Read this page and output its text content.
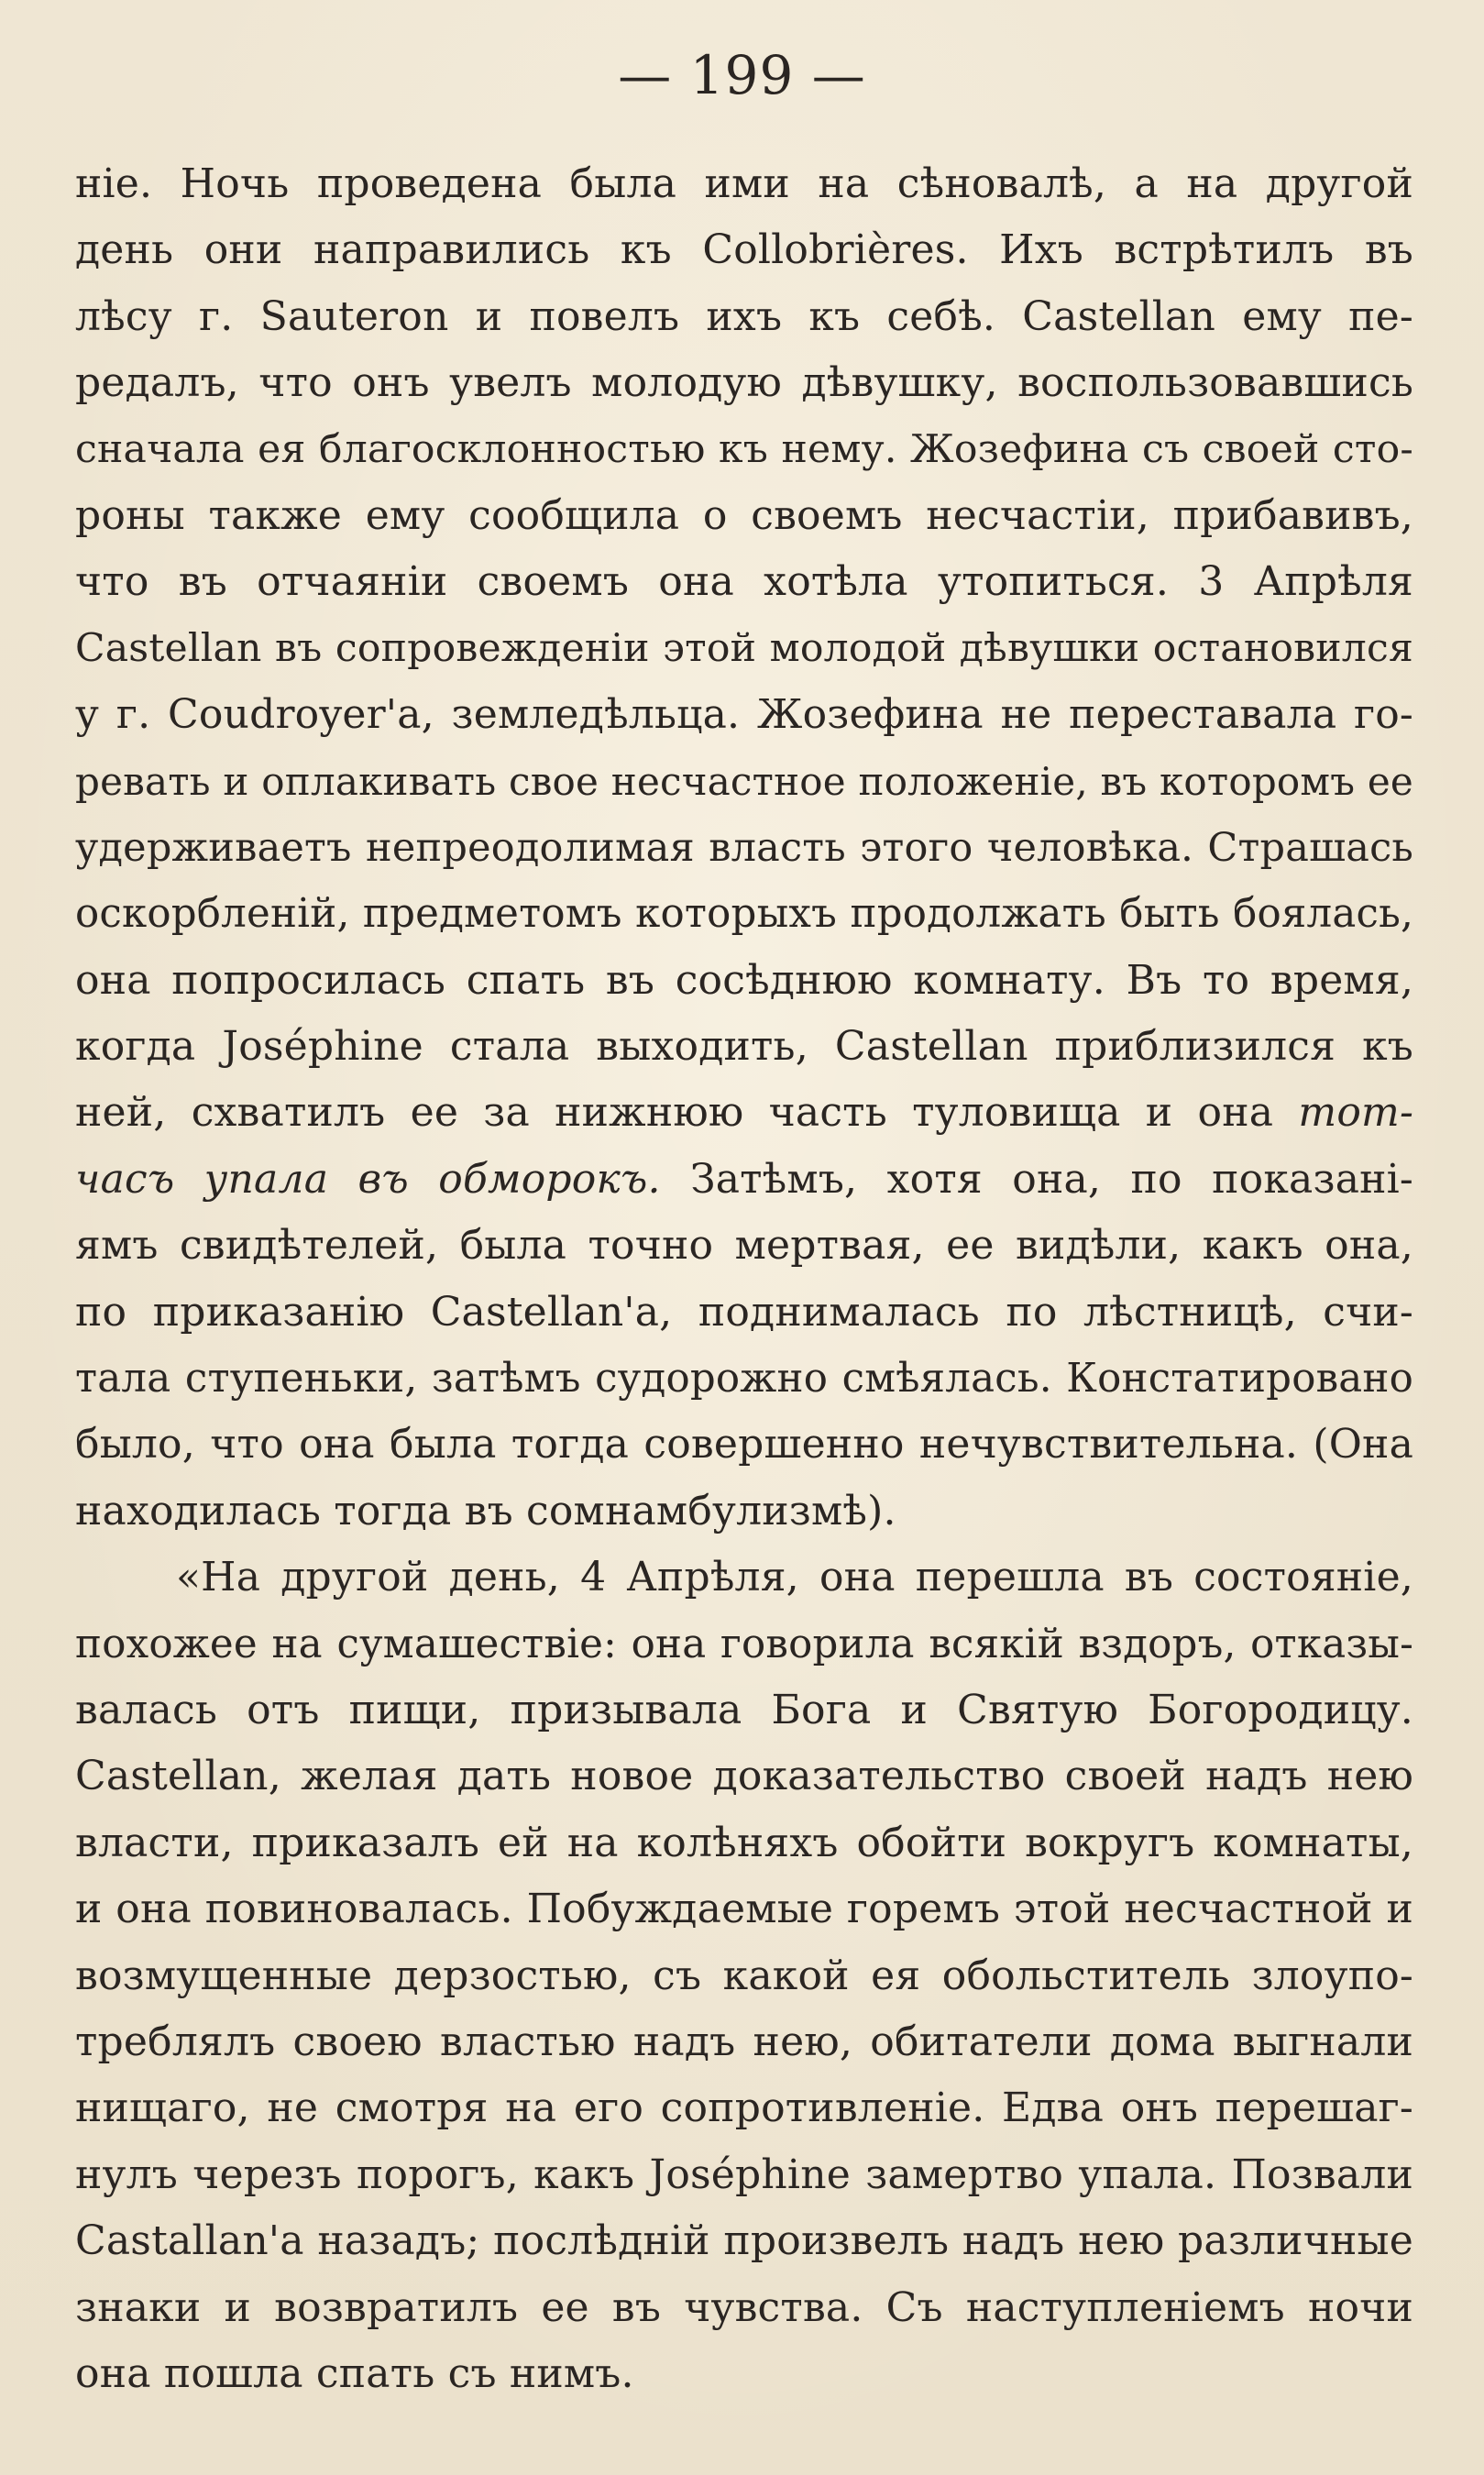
— 199 —
ніе. Ночь проведена была ими на сѣновалѣ, а на другой
день они направились къ Collobrières. Ихъ встрѣтилъ въ
лѣсу г. Sauteron и повелъ ихъ къ себѣ. Castellan ему пе-
редалъ, что онъ увелъ молодую дѣвушку, воспользовавшись
сначала ея благосклонностью къ нему. Жозефина съ своей сто-
роны также ему сообщила о своемъ несчастіи, прибавивъ,
что въ отчаяніи своемъ она хотѣла утопиться. 3 Апрѣля
Castellan въ сопровежденіи этой молодой дѣвушки остановился
у г. Coudroyer'а, земледѣльца. Жозефина не переставала го-
ревать и оплакивать свое несчастное положеніе, въ которомъ ее
удерживаетъ непреодолимая власть этого человѣка. Страшась
оскорбленій, предметомъ которыхъ продолжать быть боялась,
она попросилась спать въ сосѣднюю комнату. Въ то время,
когда Joséphine стала выходить, Castellan приблизился къ
ней, схватилъ ее за нижнюю часть туловища и она тот-
часъ упала въ обморокъ. Затѣмъ, хотя она, по показані-
ямъ свидѣтелей, была точно мертвая, ее видѣли, какъ она,
по приказанію Castellan'а, поднималась по лѣстницѣ, счи-
тала ступеньки, затѣмъ судорожно смѣялась. Констатировано
было, что она была тогда совершенно нечувствительна. (Она
находилась тогда въ сомнамбулизмѣ).
«На другой день, 4 Апрѣля, она перешла въ состояніе,
похожее на сумашествіе: она говорила всякій вздоръ, отказы-
валась отъ пищи, призывала Бога и Святую Богородицу.
Castellan, желая дать новое доказательство своей надъ нею
власти, приказалъ ей на колѣняхъ обойти вокругъ комнаты,
и она повиновалась. Побуждаемые горемъ этой несчастной и
возмущенные дерзостью, съ какой ея обольститель злоупо-
треблялъ своею властью надъ нею, обитатели дома выгнали
нищаго, не смотря на его сопротивленіе. Едва онъ перешаг-
нулъ черезъ порогъ, какъ Joséphine замертво упала. Позвали
Castallan'а назадъ; послѣдній произвелъ надъ нею различные
знаки и возвратилъ ее въ чувства. Съ наступленіемъ ночи
она пошла спать съ нимъ.
